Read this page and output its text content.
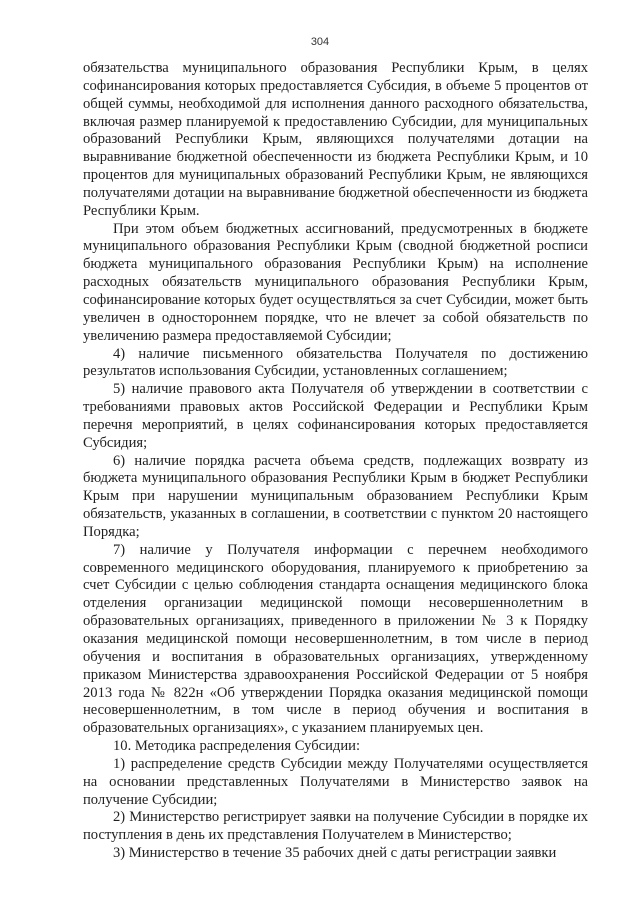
304

обязательства муниципального образования Республики Крым, в целях софинансирования которых предоставляется Субсидия, в объеме 5 процентов от общей суммы, необходимой для исполнения данного расходного обязательства, включая размер планируемой к предоставлению Субсидии, для муниципальных образований Республики Крым, являющихся получателями дотации на выравнивание бюджетной обеспеченности из бюджета Республики Крым, и 10 процентов для муниципальных образований Республики Крым, не являющихся получателями дотации на выравнивание бюджетной обеспеченности из бюджета Республики Крым.

При этом объем бюджетных ассигнований, предусмотренных в бюджете муниципального образования Республики Крым (сводной бюджетной росписи бюджета муниципального образования Республики Крым) на исполнение расходных обязательств муниципального образования Республики Крым, софинансирование которых будет осуществляться за счет Субсидии, может быть увеличен в одностороннем порядке, что не влечет за собой обязательств по увеличению размера предоставляемой Субсидии;

4) наличие письменного обязательства Получателя по достижению результатов использования Субсидии, установленных соглашением;

5) наличие правового акта Получателя об утверждении в соответствии с требованиями правовых актов Российской Федерации и Республики Крым перечня мероприятий, в целях софинансирования которых предоставляется Субсидия;

6) наличие порядка расчета объема средств, подлежащих возврату из бюджета муниципального образования Республики Крым в бюджет Республики Крым при нарушении муниципальным образованием Республики Крым обязательств, указанных в соглашении, в соответствии с пунктом 20 настоящего Порядка;

7) наличие у Получателя информации с перечнем необходимого современного медицинского оборудования, планируемого к приобретению за счет Субсидии с целью соблюдения стандарта оснащения медицинского блока отделения организации медицинской помощи несовершеннолетним в образовательных организациях, приведенного в приложении № 3 к Порядку оказания медицинской помощи несовершеннолетним, в том числе в период обучения и воспитания в образовательных организациях, утвержденному приказом Министерства здравоохранения Российской Федерации от 5 ноября 2013 года № 822н «Об утверждении Порядка оказания медицинской помощи несовершеннолетним, в том числе в период обучения и воспитания в образовательных организациях», с указанием планируемых цен.

10. Методика распределения Субсидии:

1) распределение средств Субсидии между Получателями осуществляется на основании представленных Получателями в Министерство заявок на получение Субсидии;

2) Министерство регистрирует заявки на получение Субсидии в порядке их поступления в день их представления Получателем в Министерство;

3) Министерство в течение 35 рабочих дней с даты регистрации заявки
